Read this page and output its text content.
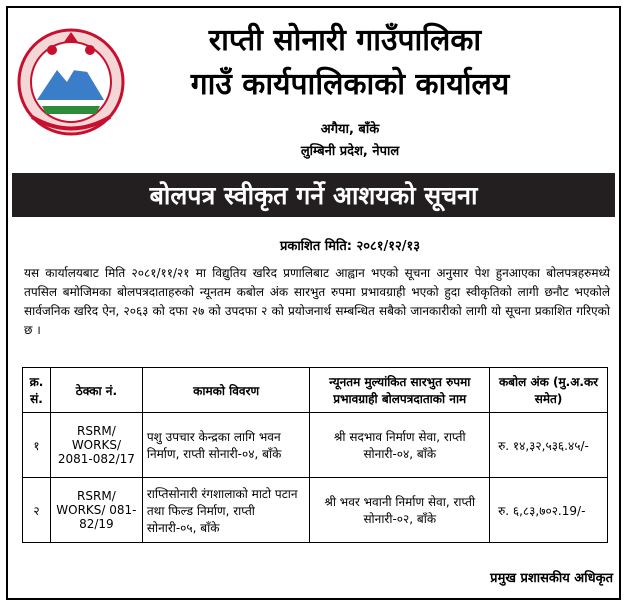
राप्ती सोनारी गाउँपालिका
गाउँ कार्यपालिकाको कार्यालय
अगैया, बाँके
लुम्बिनी प्रदेश, नेपाल
बोलपत्र स्वीकृत गर्ने आशयको सूचना
प्रकाशित मिति: २०८१/१२/१३

यस कार्यालयबाट मिति २०८१/११/२१ मा विद्युतिय खरिद प्रणालिबाट आह्वान भएको सूचना अनुसार पेश हुनआएका बोलपत्रहरुमध्ये तपसिल बमोजिमका बोलपत्रदाताहरुको न्यूनतम कबोल अंक सारभुत रुपमा प्रभावग्राही भएको हुदा स्वीकृतिको लागी छनौट भएकोले सार्वजनिक खरिद ऐन, २०६३ को दफा २७ को उपदफा २ को प्रयोजनार्थ सम्बन्धित सबैको जानकारीको लागी यो सूचना प्रकाशित गरिएको छ ।

क्र. सं.	ठेक्का नं.	कामको विवरण	न्यूनतम मुल्यांकित सारभुत रुपमा प्रभावग्राही बोलपत्रदाताको नाम	कबोल अंक (मु.अ.कर समेत)
१	RSRM/ WORKS/ 2081-082/17	पशु उपचार केन्द्रका लागि भवन निर्माण, राप्ती सोनारी-०४, बाँके	श्री सदभाव निर्माण सेवा, राप्ती सोनारी-०४, बाँके	रु. १४,३२,५३६.४५/-
२	RSRM/ WORKS/ 081- 82/19	राप्तिसोनारी रंगशालाको माटो पटान तथा फिल्ड निर्माण, राप्ती सोनारी-०५, बाँके	श्री भवर भवानी निर्माण सेवा, राप्ती सोनारी-०२, बाँके	रु. ६,८३,७०२.19/-
प्रमुख प्रशासकीय अधिकृत
